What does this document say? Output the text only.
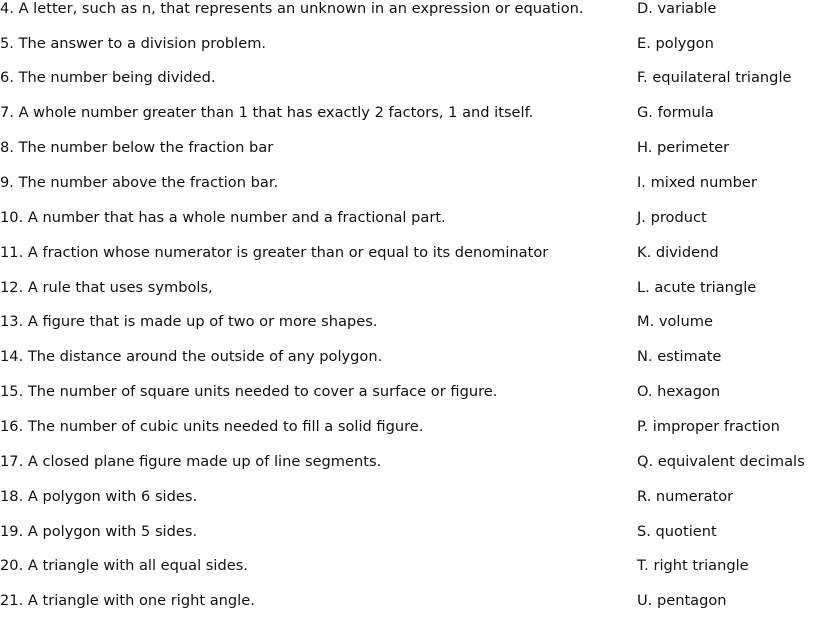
4. A letter, such as n, that represents an unknown in an expression or equation.	D. variable
5. The answer to a division problem.	E. polygon
6. The number being divided.	F. equilateral triangle
7. A whole number greater than 1 that has exactly 2 factors, 1 and itself.	G. formula
8. The number below the fraction bar	H. perimeter
9. The number above the fraction bar.	I. mixed number
10. A number that has a whole number and a fractional part.	J. product
11. A fraction whose numerator is greater than or equal to its denominator	K. dividend
12. A rule that uses symbols,	L. acute triangle
13. A figure that is made up of two or more shapes.	M. volume
14. The distance around the outside of any polygon.	N. estimate
15. The number of square units needed to cover a surface or figure.	O. hexagon
16. The number of cubic units needed to fill a solid figure.	P. improper fraction
17. A closed plane figure made up of line segments.	Q. equivalent decimals
18. A polygon with 6 sides.	R. numerator
19. A polygon with 5 sides.	S. quotient
20. A triangle with all equal sides.	T. right triangle
21. A triangle with one right angle.	U. pentagon
